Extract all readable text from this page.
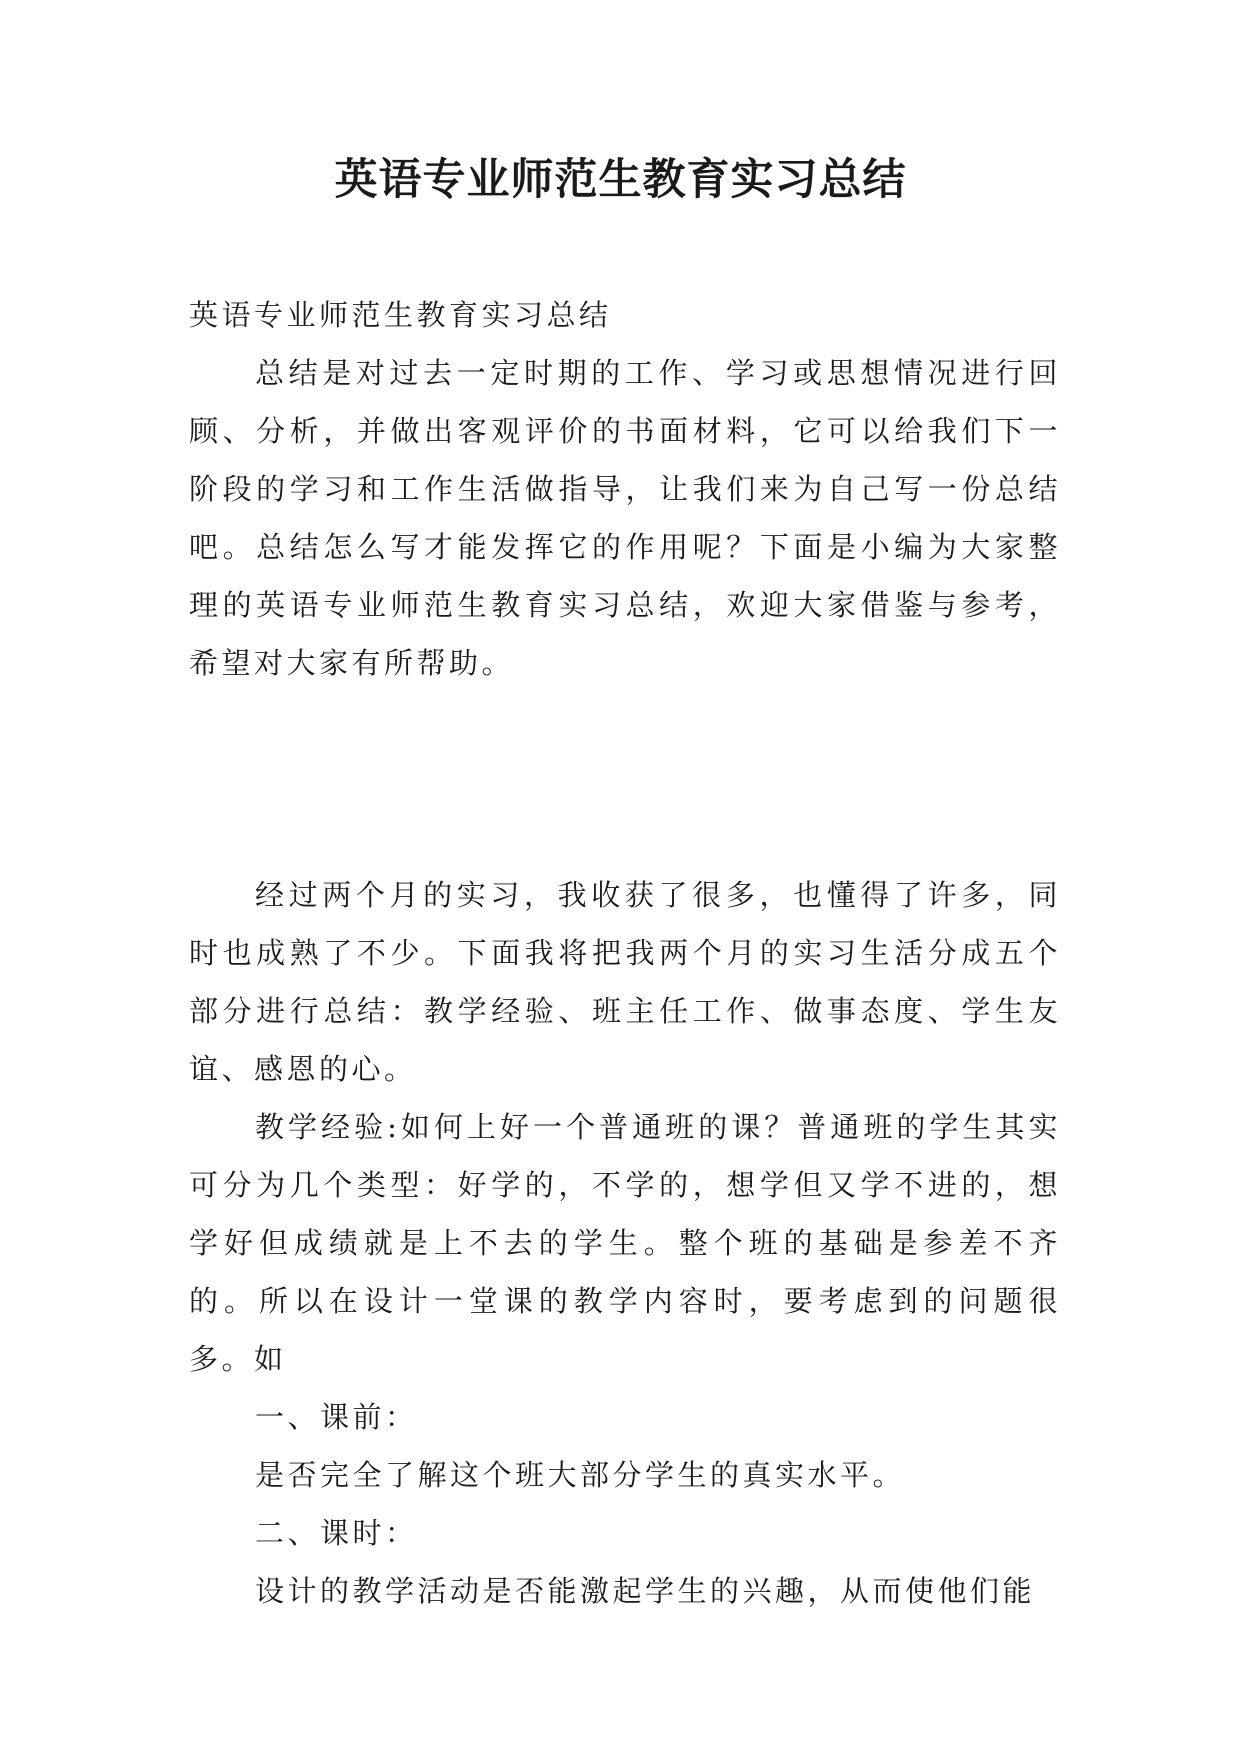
英语专业师范生教育实习总结

英语专业师范生教育实习总结

总结是对过去一定时期的工作、学习或思想情况进行回顾、分析，并做出客观评价的书面材料，它可以给我们下一阶段的学习和工作生活做指导，让我们来为自己写一份总结吧。总结怎么写才能发挥它的作用呢？下面是小编为大家整理的英语专业师范生教育实习总结，欢迎大家借鉴与参考，希望对大家有所帮助。

经过两个月的实习，我收获了很多，也懂得了许多，同时也成熟了不少。下面我将把我两个月的实习生活分成五个部分进行总结：教学经验、班主任工作、做事态度、学生友谊、感恩的心。

教学经验:如何上好一个普通班的课？普通班的学生其实可分为几个类型：好学的，不学的，想学但又学不进的，想学好但成绩就是上不去的学生。整个班的基础是参差不齐的。所以在设计一堂课的教学内容时，要考虑到的问题很多。如

一、课前：

是否完全了解这个班大部分学生的真实水平。

二、课时：

设计的教学活动是否能激起学生的兴趣，从而使他们能
